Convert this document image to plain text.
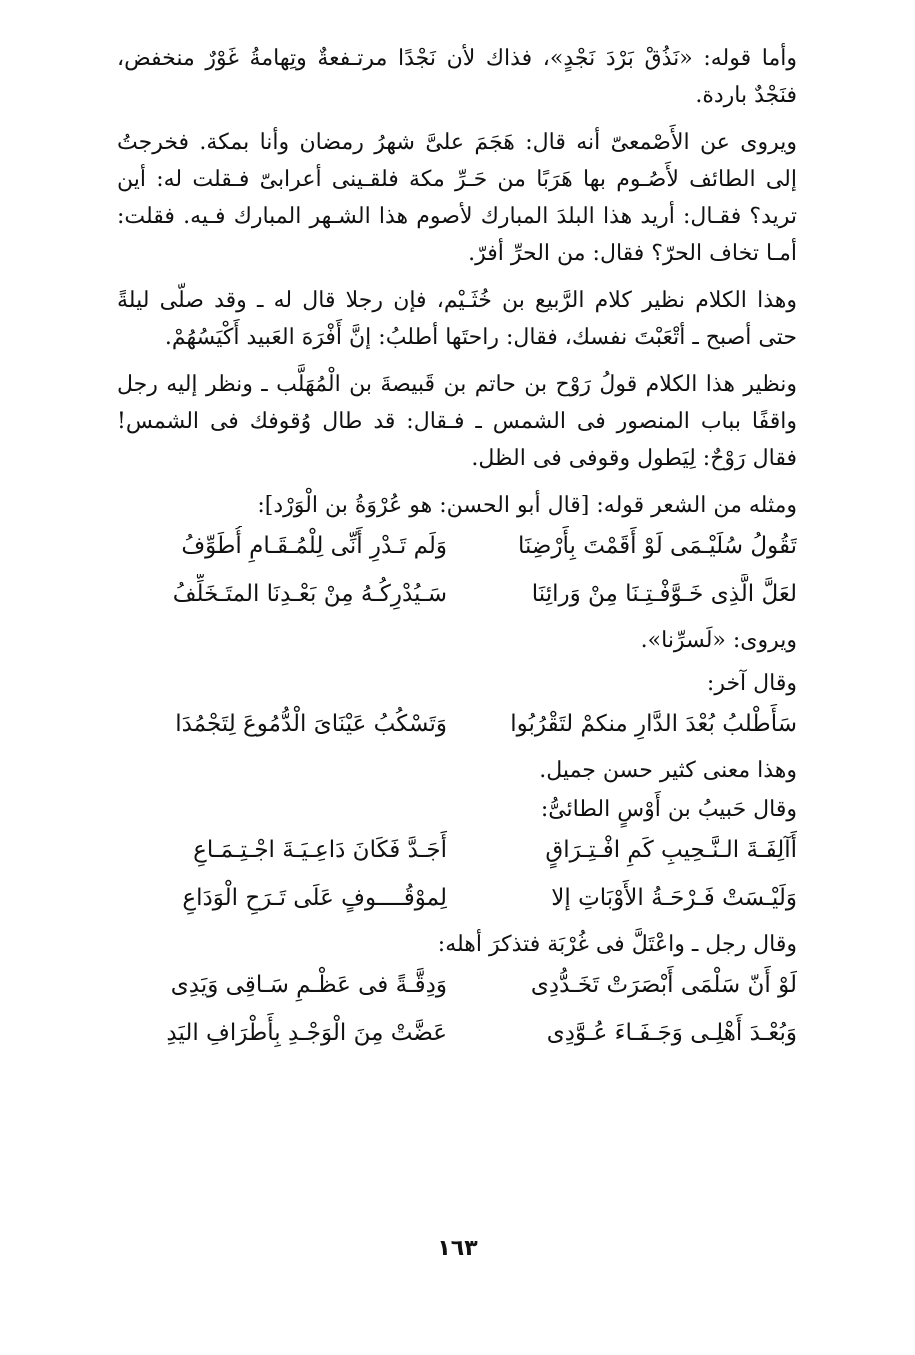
وأما قوله: «نَذُقْ بَرْدَ نَجْدٍ»، فذاك لأن نَجْدًا مرتـفعةٌ وتِهامةُ غَوْرٌ منخفض، فنَجْدٌ باردة.

ويروى عن الأَصْمعىّ أنه قال: هَجَمَ علىَّ شهرُ رمضان وأنا بمكة. فخرجتُ إلى الطائف لأَصُـوم بها هَرَبًا من حَـرِّ مكة فلقـينى أعرابىّ فـقلت له: أين تريد؟ فقـال: أريد هذا البلدَ المبارك لأصوم هذا الشـهر المبارك فـيه. فقلت: أمـا تخاف الحرّ؟ فقال: من الحرِّ أفرّ.

وهذا الكلام نظير كلام الرَّبيع بن خُثَـيْم، فإن رجلا قال له ـ وقد صلّى ليلةً حتى أصبح ـ أتْعَبْتَ نفسك، فقال: راحتَها أطلبُ: إنَّ أَفْرَهَ العَبيد أَكْيَسُهُمْ.

ونظير هذا الكلام قولُ رَوْح بن حاتم بن قَبيصةَ بن الْمُهَلَّب ـ ونظر إليه رجل واقفًا بباب المنصور فى الشمس ـ فـقال: قد طال وُقوفك فى الشمس! فقال رَوْحٌ: لِيَطول وقوفى فى الظل.

ومثله من الشعر قوله: [قال أبو الحسن: هو عُرْوَةُ بن الْوَرْد]:

تَقُولُ سُلَيْـمَى لَوْ أَقَمْتَ بِأَرْضِنَا
وَلَم تَـدْرِ أَنِّى لِلْمُـقَـامِ أُطَوِّفُ
لعَلَّ الَّذِى خَـوَّفْـتِـنَا مِنْ وَرائِنَا
سَـيُدْرِكُـهُ مِنْ بَعْـدِنَا المتَـخَلِّفُ

ويروى: «لَسرِّنا».

وقال آخر:

سَأَطْلبُ بُعْدَ الدَّارِ منكمْ لتَقْرُبُوا
وَتَسْكُبُ عَيْنَاىَ الْدُّمُوعَ لِتَجْمُدَا

وهذا معنى كثير حسن جميل.

وقال حَبيبُ بن أَوْسٍ الطائىُّ:

أَآلِفَـةَ الـنَّـحِيبِ كَمِ افْـتِـرَاقٍ
أَجَـدَّ فَكَانَ دَاعِـيَـةَ اجْـتِـمَـاعِ
وَلَيْـسَتْ فَـرْحَـةُ الأَوْبَاتِ إلا
لِموْقُــــوفٍ عَلَى تَـرَحِ الْوَدَاعِ

وقال رجل ـ واعْتَلَّ فى غُرْبَة فتذكرَ أهله:

لَوْ أَنّ سَلْمَى أَبْصَرَتْ تَخَـدُّدِى
وَدِقَّـةً فى عَظْـمِ سَـاقِى وَيَدِى
وَبُعْـدَ أَهْلِـى وَجَـفَـاءَ عُـوَّدِى
عَضَّتْ مِنَ الْوَجْـدِ بِأَطْرَافِ اليَدِ
١٦٣
